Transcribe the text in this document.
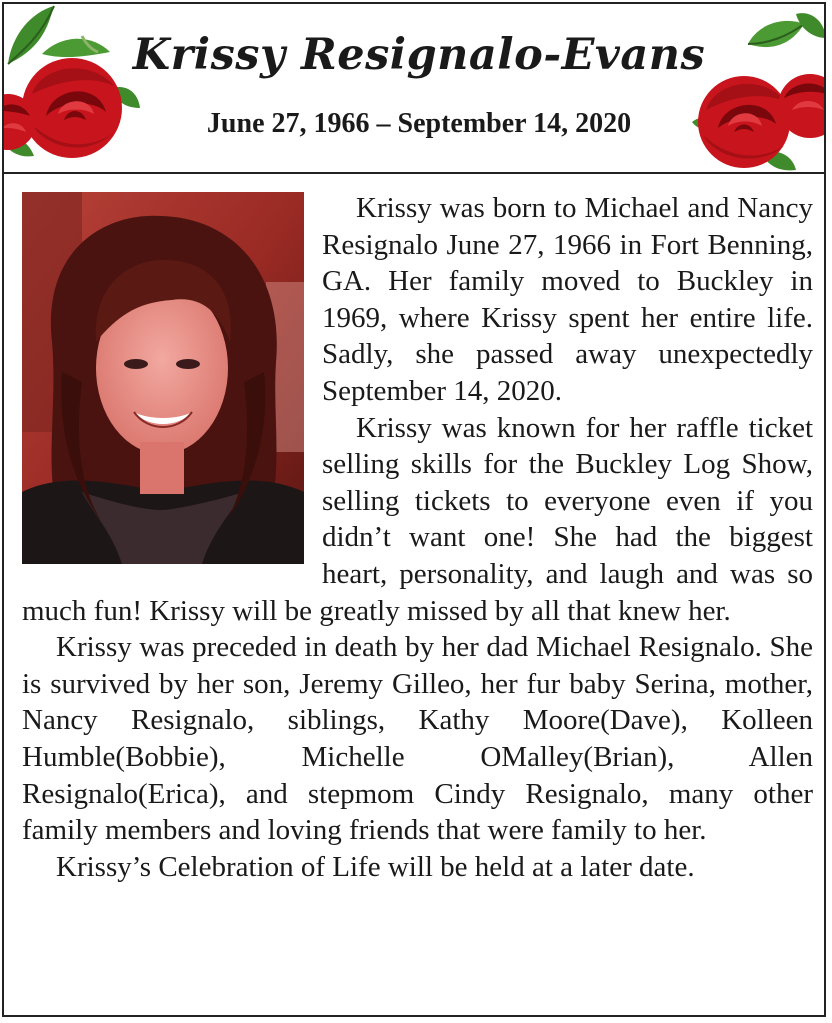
Krissy Resignalo-Evans
June 27, 1966 – September 14, 2020

Krissy was born to Michael and Nancy Resignalo June 27, 1966 in Fort Benning, GA. Her family moved to Buckley in 1969, where Krissy spent her entire life. Sadly, she passed away unexpectedly September 14, 2020.

Krissy was known for her raffle ticket selling skills for the Buckley Log Show, selling tickets to everyone even if you didn’t want one! She had the biggest heart, personality, and laugh and was so much fun! Krissy will be greatly missed by all that knew her.

Krissy was preceded in death by her dad Michael Resignalo. She is survived by her son, Jeremy Gilleo, her fur baby Serina, mother, Nancy Resignalo, siblings, Kathy Moore(Dave), Kolleen Humble(Bobbie), Michelle OMalley(Brian), Allen Resignalo(Erica), and stepmom Cindy Resignalo, many other family members and loving friends that were family to her.

Krissy’s Celebration of Life will be held at a later date.
